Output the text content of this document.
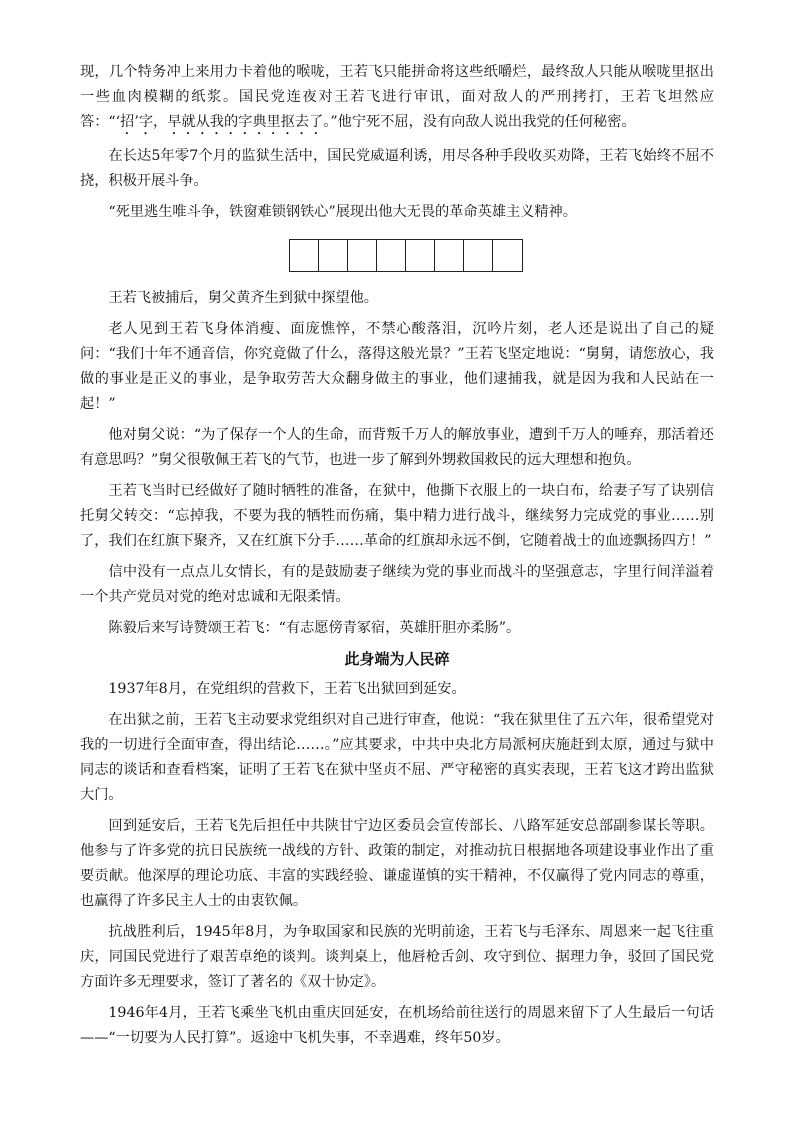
现，几个特务冲上来用力卡着他的喉咙，王若飞只能拼命将这些纸嚼烂，最终敌人只能从喉咙里抠出一些血肉模糊的纸浆。国民党连夜对王若飞进行审讯，面对敌人的严刑拷打，王若飞坦然应答：“‘招’字，早就从我的字典里抠去了。”他宁死不屈，没有向敌人说出我党的任何秘密。

在长达5年零7个月的监狱生活中，国民党威逼利诱，用尽各种手段收买劝降，王若飞始终不屈不挠，积极开展斗争。

“死里逃生唯斗争，铁窗难锁钢铁心”展现出他大无畏的革命英雄主义精神。

王若飞被捕后，舅父黄齐生到狱中探望他。

老人见到王若飞身体消瘦、面庞憔悴，不禁心酸落泪，沉吟片刻，老人还是说出了自己的疑问：“我们十年不通音信，你究竟做了什么，落得这般光景？”王若飞坚定地说：“舅舅，请您放心，我做的事业是正义的事业，是争取劳苦大众翻身做主的事业，他们逮捕我，就是因为我和人民站在一起！”

他对舅父说：“为了保存一个人的生命，而背叛千万人的解放事业，遭到千万人的唾弃，那活着还有意思吗？”舅父很敬佩王若飞的气节，也进一步了解到外甥救国救民的远大理想和抱负。

王若飞当时已经做好了随时牺牲的准备，在狱中，他撕下衣服上的一块白布，给妻子写了诀别信托舅父转交：“忘掉我，不要为我的牺牲而伤痛，集中精力进行战斗，继续努力完成党的事业……别了，我们在红旗下聚齐，又在红旗下分手……革命的红旗却永远不倒，它随着战士的血迹飘扬四方！”

信中没有一点点儿女情长，有的是鼓励妻子继续为党的事业而战斗的坚强意志，字里行间洋溢着一个共产党员对党的绝对忠诚和无限柔情。

陈毅后来写诗赞颂王若飞：“有志愿傍青冢宿，英雄肝胆亦柔肠”。

此身端为人民碎

1937年8月，在党组织的营救下，王若飞出狱回到延安。

在出狱之前，王若飞主动要求党组织对自己进行审查，他说：“我在狱里住了五六年，很希望党对我的一切进行全面审查，得出结论……。”应其要求，中共中央北方局派柯庆施赶到太原，通过与狱中同志的谈话和查看档案，证明了王若飞在狱中坚贞不屈、严守秘密的真实表现，王若飞这才跨出监狱大门。

回到延安后，王若飞先后担任中共陕甘宁边区委员会宣传部长、八路军延安总部副参谋长等职。他参与了许多党的抗日民族统一战线的方针、政策的制定，对推动抗日根据地各项建设事业作出了重要贡献。他深厚的理论功底、丰富的实践经验、谦虚谨慎的实干精神，不仅赢得了党内同志的尊重，也赢得了许多民主人士的由衷钦佩。

抗战胜利后，1945年8月，为争取国家和民族的光明前途，王若飞与毛泽东、周恩来一起飞往重庆，同国民党进行了艰苦卓绝的谈判。谈判桌上，他唇枪舌剑、攻守到位、据理力争，驳回了国民党方面许多无理要求，签订了著名的《双十协定》。

1946年4月，王若飞乘坐飞机由重庆回延安，在机场给前往送行的周恩来留下了人生最后一句话——“一切要为人民打算”。返途中飞机失事，不幸遇难，终年50岁。
